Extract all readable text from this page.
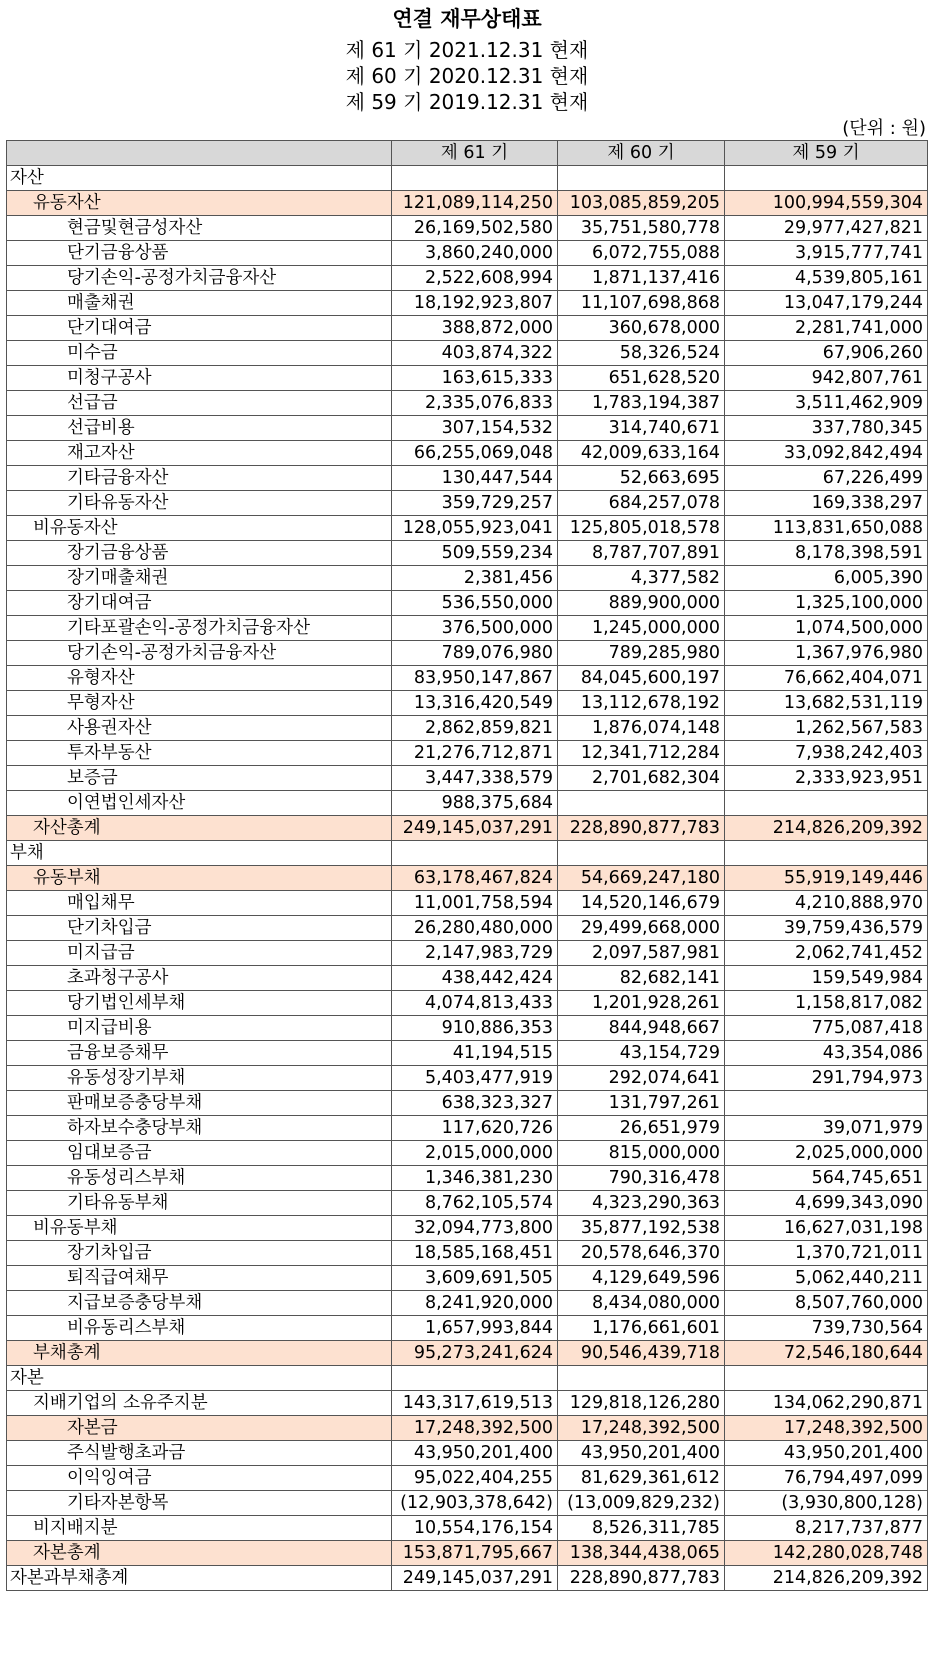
연결 재무상태표
제 61 기 2021.12.31 현재
제 60 기 2020.12.31 현재
제 59 기 2019.12.31 현재
(단위 : 원)
	제 61 기	제 60 기	제 59 기
자산			
유동자산	121,089,114,250	103,085,859,205	100,994,559,304
현금및현금성자산	26,169,502,580	35,751,580,778	29,977,427,821
단기금융상품	3,860,240,000	6,072,755,088	3,915,777,741
당기손익-공정가치금융자산	2,522,608,994	1,871,137,416	4,539,805,161
매출채권	18,192,923,807	11,107,698,868	13,047,179,244
단기대여금	388,872,000	360,678,000	2,281,741,000
미수금	403,874,322	58,326,524	67,906,260
미청구공사	163,615,333	651,628,520	942,807,761
선급금	2,335,076,833	1,783,194,387	3,511,462,909
선급비용	307,154,532	314,740,671	337,780,345
재고자산	66,255,069,048	42,009,633,164	33,092,842,494
기타금융자산	130,447,544	52,663,695	67,226,499
기타유동자산	359,729,257	684,257,078	169,338,297
비유동자산	128,055,923,041	125,805,018,578	113,831,650,088
장기금융상품	509,559,234	8,787,707,891	8,178,398,591
장기매출채권	2,381,456	4,377,582	6,005,390
장기대여금	536,550,000	889,900,000	1,325,100,000
기타포괄손익-공정가치금융자산	376,500,000	1,245,000,000	1,074,500,000
당기손익-공정가치금융자산	789,076,980	789,285,980	1,367,976,980
유형자산	83,950,147,867	84,045,600,197	76,662,404,071
무형자산	13,316,420,549	13,112,678,192	13,682,531,119
사용권자산	2,862,859,821	1,876,074,148	1,262,567,583
투자부동산	21,276,712,871	12,341,712,284	7,938,242,403
보증금	3,447,338,579	2,701,682,304	2,333,923,951
이연법인세자산	988,375,684		
자산총계	249,145,037,291	228,890,877,783	214,826,209,392
부채			
유동부채	63,178,467,824	54,669,247,180	55,919,149,446
매입채무	11,001,758,594	14,520,146,679	4,210,888,970
단기차입금	26,280,480,000	29,499,668,000	39,759,436,579
미지급금	2,147,983,729	2,097,587,981	2,062,741,452
초과청구공사	438,442,424	82,682,141	159,549,984
당기법인세부채	4,074,813,433	1,201,928,261	1,158,817,082
미지급비용	910,886,353	844,948,667	775,087,418
금융보증채무	41,194,515	43,154,729	43,354,086
유동성장기부채	5,403,477,919	292,074,641	291,794,973
판매보증충당부채	638,323,327	131,797,261	
하자보수충당부채	117,620,726	26,651,979	39,071,979
임대보증금	2,015,000,000	815,000,000	2,025,000,000
유동성리스부채	1,346,381,230	790,316,478	564,745,651
기타유동부채	8,762,105,574	4,323,290,363	4,699,343,090
비유동부채	32,094,773,800	35,877,192,538	16,627,031,198
장기차입금	18,585,168,451	20,578,646,370	1,370,721,011
퇴직급여채무	3,609,691,505	4,129,649,596	5,062,440,211
지급보증충당부채	8,241,920,000	8,434,080,000	8,507,760,000
비유동리스부채	1,657,993,844	1,176,661,601	739,730,564
부채총계	95,273,241,624	90,546,439,718	72,546,180,644
자본			
지배기업의 소유주지분	143,317,619,513	129,818,126,280	134,062,290,871
자본금	17,248,392,500	17,248,392,500	17,248,392,500
주식발행초과금	43,950,201,400	43,950,201,400	43,950,201,400
이익잉여금	95,022,404,255	81,629,361,612	76,794,497,099
기타자본항목	(12,903,378,642)	(13,009,829,232)	(3,930,800,128)
비지배지분	10,554,176,154	8,526,311,785	8,217,737,877
자본총계	153,871,795,667	138,344,438,065	142,280,028,748
자본과부채총계	249,145,037,291	228,890,877,783	214,826,209,392
